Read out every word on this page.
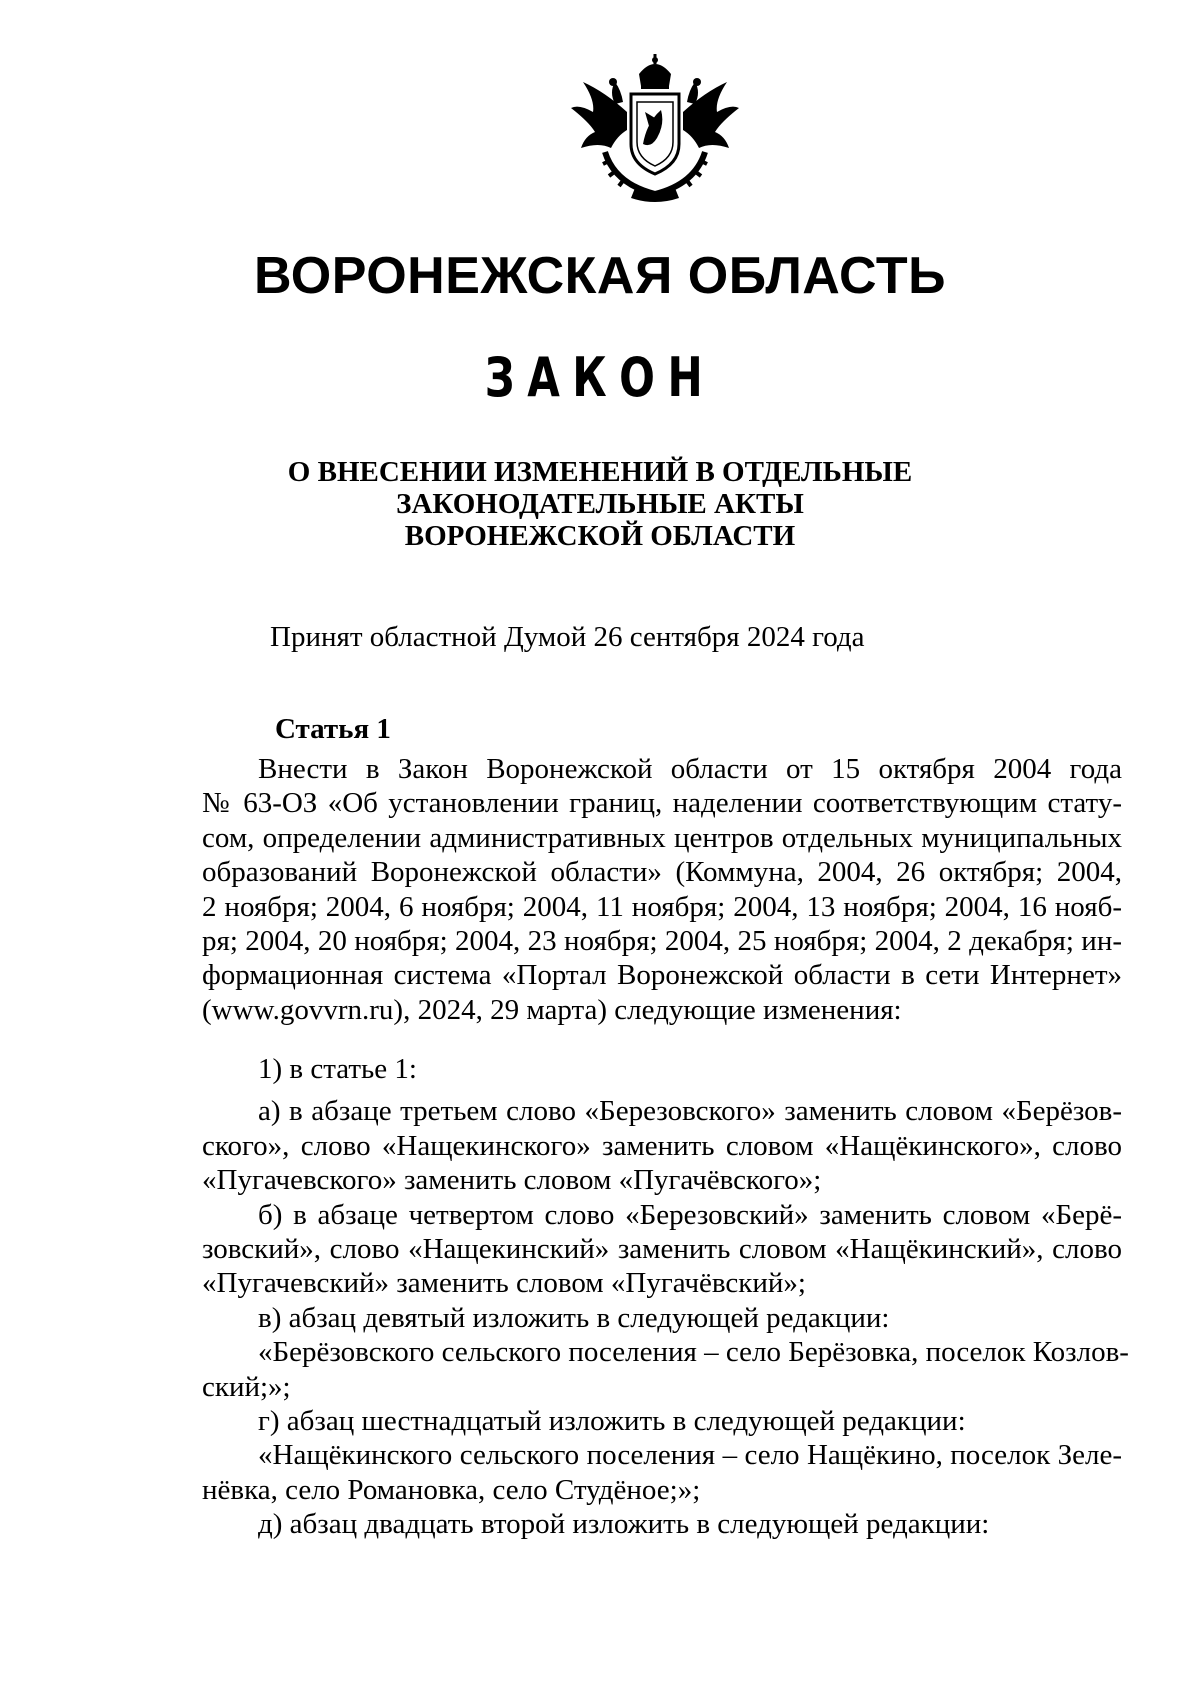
ВОРОНЕЖСКАЯ ОБЛАСТЬ
ЗАКОН
О ВНЕСЕНИИ ИЗМЕНЕНИЙ В ОТДЕЛЬНЫЕ
ЗАКОНОДАТЕЛЬНЫЕ АКТЫ
ВОРОНЕЖСКОЙ ОБЛАСТИ
Принят областной Думой 26 сентября 2024 года
Статья 1
Внести в Закон Воронежской области от 15 октября 2004 года
№ 63-ОЗ «Об установлении границ, наделении соответствующим стату-
сом, определении административных центров отдельных муниципальных
образований Воронежской области» (Коммуна, 2004, 26 октября; 2004,
2 ноября; 2004, 6 ноября; 2004, 11 ноября; 2004, 13 ноября; 2004, 16 нояб-
ря; 2004, 20 ноября; 2004, 23 ноября; 2004, 25 ноября; 2004, 2 декабря; ин-
формационная система «Портал Воронежской области в сети Интернет»
(www.govvrn.ru), 2024, 29 марта) следующие изменения:
1) в статье 1:
а) в абзаце третьем слово «Березовского» заменить словом «Берёзов-
ского», слово «Нащекинского» заменить словом «Нащёкинского», слово
«Пугачевского» заменить словом «Пугачёвского»;
б) в абзаце четвертом слово «Березовский» заменить словом «Берё-
зовский», слово «Нащекинский» заменить словом «Нащёкинский», слово
«Пугачевский» заменить словом «Пугачёвский»;
в) абзац девятый изложить в следующей редакции:
«Берёзовского сельского поселения – село Берёзовка, поселок Козлов-
ский;»;
г) абзац шестнадцатый изложить в следующей редакции:
«Нащёкинского сельского поселения – село Нащёкино, поселок Зеле-
нёвка, село Романовка, село Студёное;»;
д) абзац двадцать второй изложить в следующей редакции:
